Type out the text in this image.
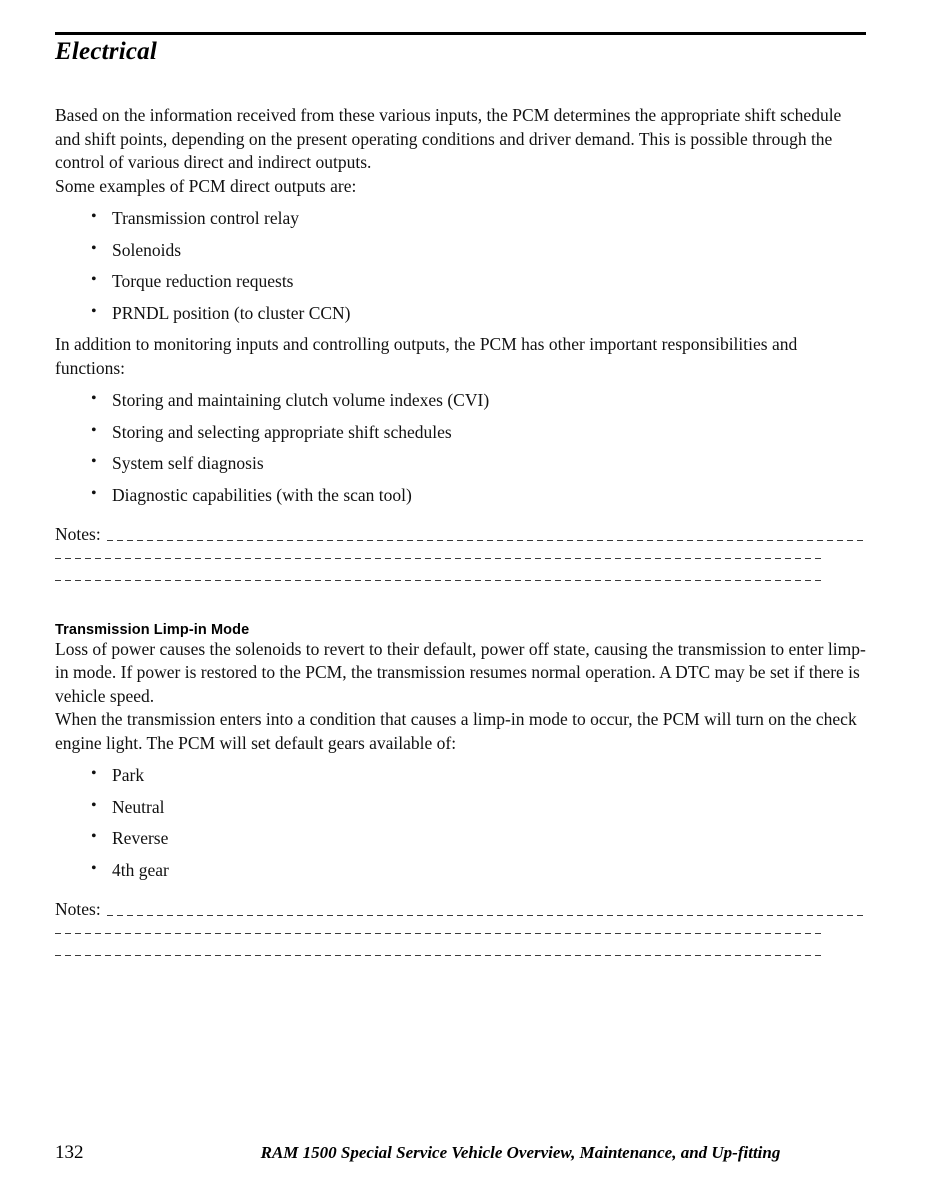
Electrical

Based on the information received from these various inputs, the PCM determines the appropriate shift schedule and shift points, depending on the present operating conditions and driver demand. This is possible through the control of various direct and indirect outputs.

Some examples of PCM direct outputs are:

• Transmission control relay
• Solenoids
• Torque reduction requests
• PRNDL position (to cluster CCN)

In addition to monitoring inputs and controlling outputs, the PCM has other important responsibilities and functions:

• Storing and maintaining clutch volume indexes (CVI)
• Storing and selecting appropriate shift schedules
• System self diagnosis
• Diagnostic capabilities (with the scan tool)
Notes:
Transmission Limp-in Mode

Loss of power causes the solenoids to revert to their default, power off state, causing the transmission to enter limp-in mode. If power is restored to the PCM, the transmission resumes normal operation. A DTC may be set if there is vehicle speed.

When the transmission enters into a condition that causes a limp-in mode to occur, the PCM will turn on the check engine light. The PCM will set default gears available of:

• Park
• Neutral
• Reverse
• 4th gear
Notes:
132	RAM 1500 Special Service Vehicle Overview, Maintenance, and Up-fitting
